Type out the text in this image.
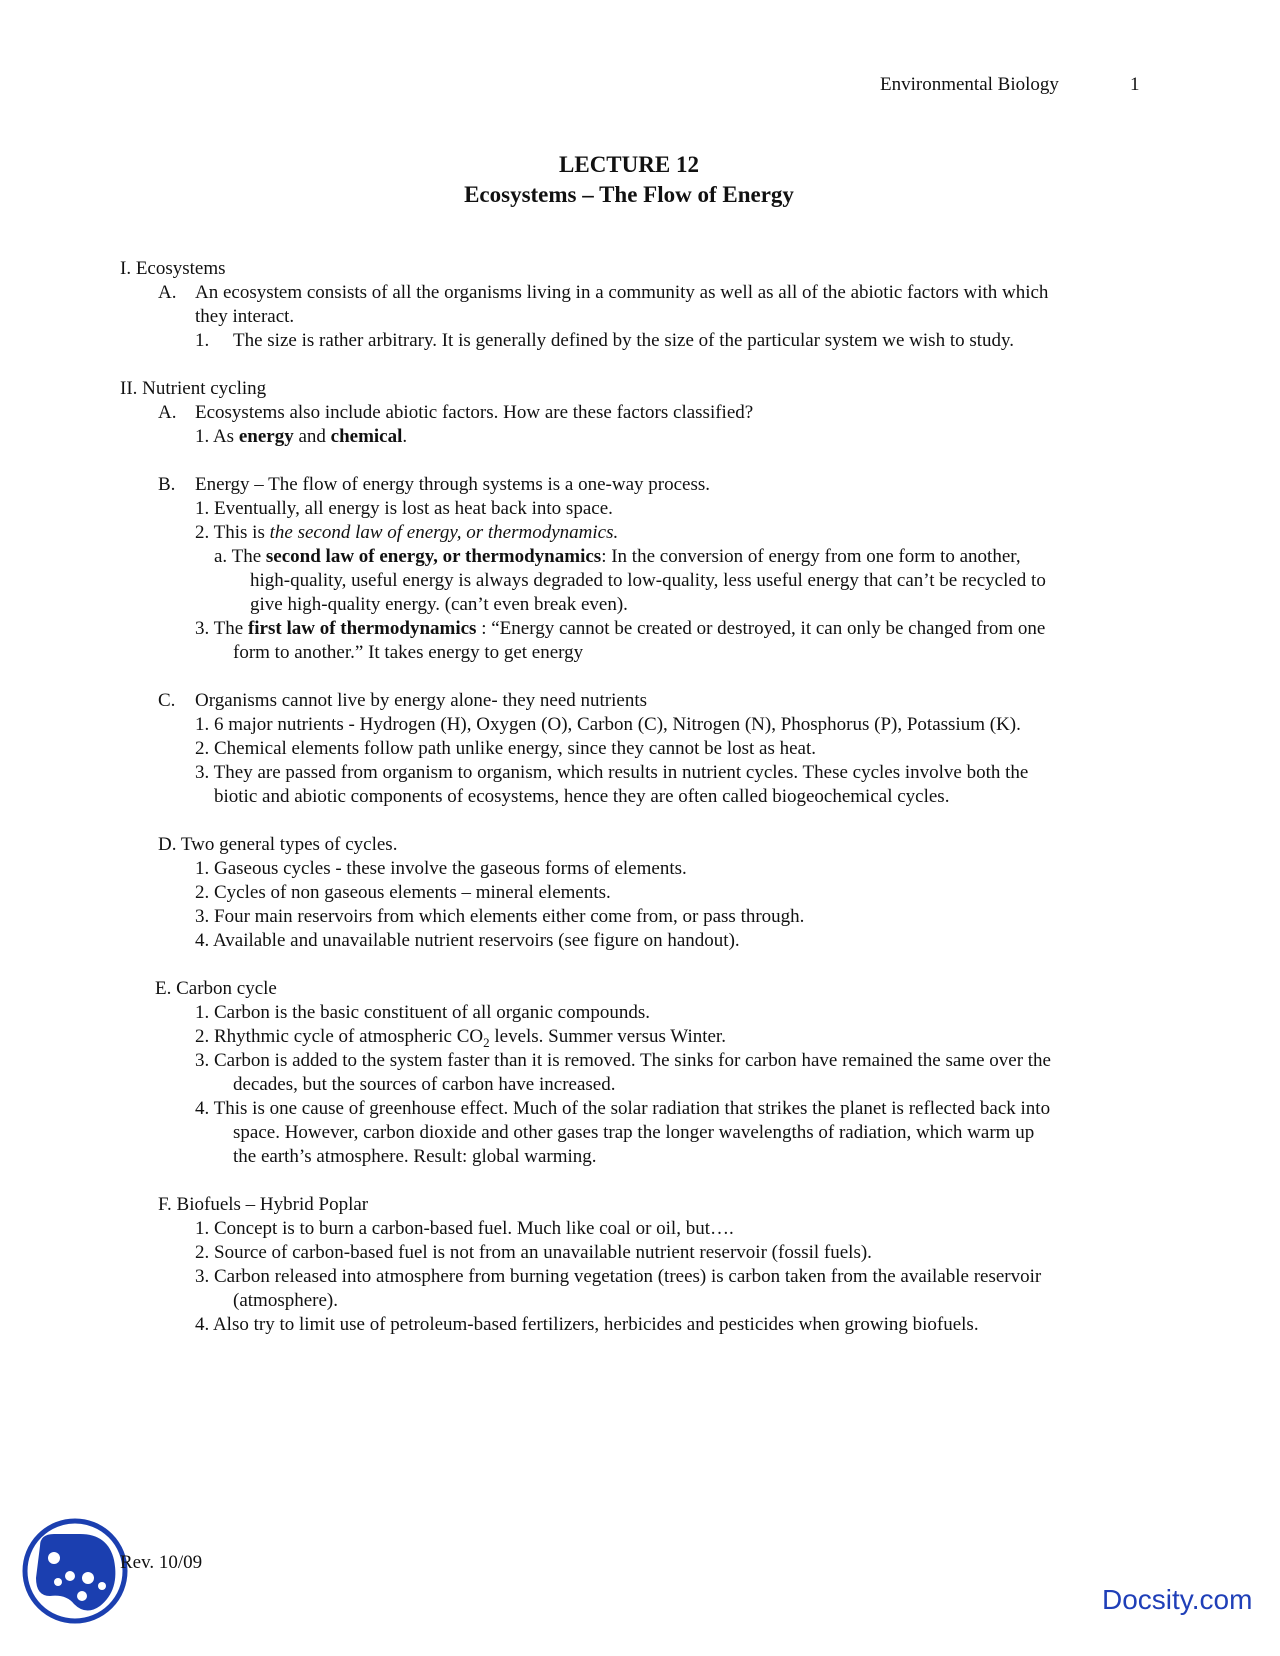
Environmental Biology	1
LECTURE 12
Ecosystems – The Flow of Energy
I. Ecosystems
A. An ecosystem consists of all the organisms living in a community as well as all of the abiotic factors with which
they interact.
1. The size is rather arbitrary. It is generally defined by the size of the particular system we wish to study.
II. Nutrient cycling
A. Ecosystems also include abiotic factors. How are these factors classified?
1. As energy and chemical.
B. Energy – The flow of energy through systems is a one-way process.
1. Eventually, all energy is lost as heat back into space.
2. This is the second law of energy, or thermodynamics.
a. The second law of energy, or thermodynamics: In the conversion of energy from one form to another,
high-quality, useful energy is always degraded to low-quality, less useful energy that can’t be recycled to
give high-quality energy. (can’t even break even).
3. The first law of thermodynamics : “Energy cannot be created or destroyed, it can only be changed from one
form to another.” It takes energy to get energy
C. Organisms cannot live by energy alone- they need nutrients
1. 6 major nutrients - Hydrogen (H), Oxygen (O), Carbon (C), Nitrogen (N), Phosphorus (P), Potassium (K).
2. Chemical elements follow path unlike energy, since they cannot be lost as heat.
3. They are passed from organism to organism, which results in nutrient cycles. These cycles involve both the
biotic and abiotic components of ecosystems, hence they are often called biogeochemical cycles.
D. Two general types of cycles.
1. Gaseous cycles - these involve the gaseous forms of elements.
2. Cycles of non gaseous elements – mineral elements.
3. Four main reservoirs from which elements either come from, or pass through.
4. Available and unavailable nutrient reservoirs (see figure on handout).
E. Carbon cycle
1. Carbon is the basic constituent of all organic compounds.
2. Rhythmic cycle of atmospheric $CO_2$ levels. Summer versus Winter.
3. Carbon is added to the system faster than it is removed. The sinks for carbon have remained the same over the
decades, but the sources of carbon have increased.
4. This is one cause of greenhouse effect. Much of the solar radiation that strikes the planet is reflected back into
space. However, carbon dioxide and other gases trap the longer wavelengths of radiation, which warm up
the earth’s atmosphere. Result: global warming.
F. Biofuels – Hybrid Poplar
1. Concept is to burn a carbon-based fuel. Much like coal or oil, but….
2. Source of carbon-based fuel is not from an unavailable nutrient reservoir (fossil fuels).
3. Carbon released into atmosphere from burning vegetation (trees) is carbon taken from the available reservoir
(atmosphere).
4. Also try to limit use of petroleum-based fertilizers, herbicides and pesticides when growing biofuels.
Rev. 10/09
Docsity.com
